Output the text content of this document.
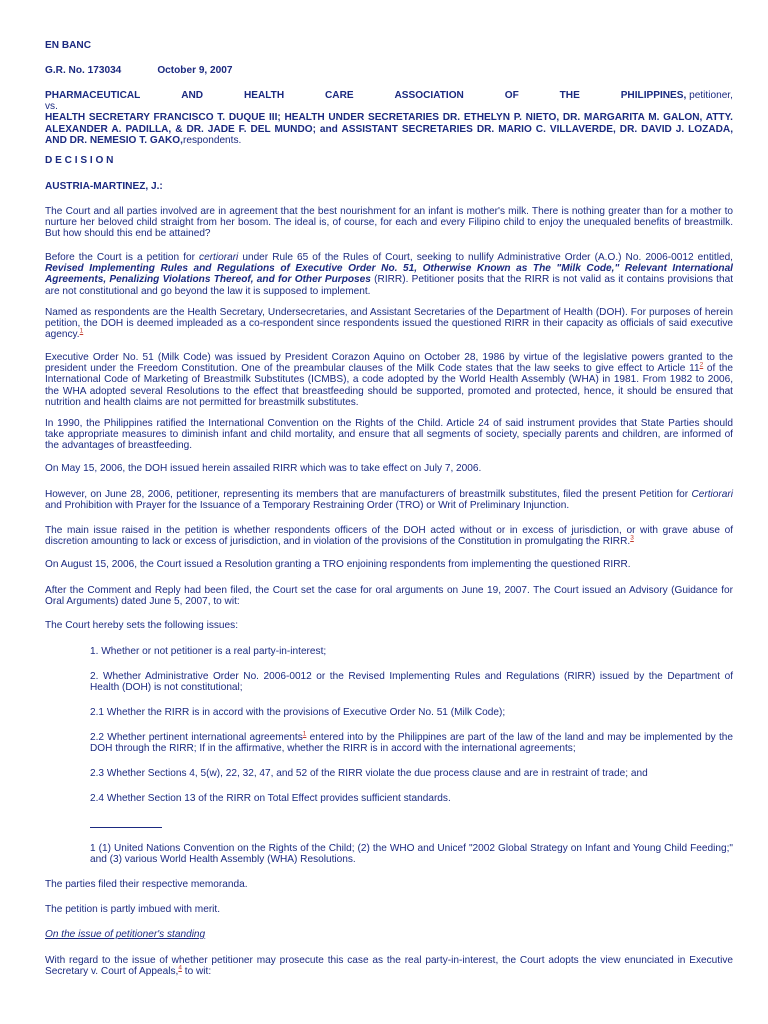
EN BANC

G.R. No. 173034	October 9, 2007

PHARMACEUTICAL	AND	HEALTH	CARE	ASSOCIATION	OF	THE	PHILIPPINES, petitioner,
vs.
HEALTH SECRETARY FRANCISCO T. DUQUE III; HEALTH UNDER SECRETARIES DR. ETHELYN P. NIETO, DR. MARGARITA M. GALON, ATTY. ALEXANDER A. PADILLA, & DR. JADE F. DEL MUNDO; and ASSISTANT SECRETARIES DR. MARIO C. VILLAVERDE, DR. DAVID J. LOZADA, AND DR. NEMESIO T. GAKO,respondents.

D E C I S I O N

AUSTRIA-MARTINEZ, J.:

The Court and all parties involved are in agreement that the best nourishment for an infant is mother's milk. There is nothing greater than for a mother to nurture her beloved child straight from her bosom. The ideal is, of course, for each and every Filipino child to enjoy the unequaled benefits of breastmilk. But how should this end be attained?

Before the Court is a petition for certiorari under Rule 65 of the Rules of Court, seeking to nullify Administrative Order (A.O.) No. 2006-0012 entitled, Revised Implementing Rules and Regulations of Executive Order No. 51, Otherwise Known as The "Milk Code," Relevant International Agreements, Penalizing Violations Thereof, and for Other Purposes (RIRR). Petitioner posits that the RIRR is not valid as it contains provisions that are not constitutional and go beyond the law it is supposed to implement.

Named as respondents are the Health Secretary, Undersecretaries, and Assistant Secretaries of the Department of Health (DOH). For purposes of herein petition, the DOH is deemed impleaded as a co-respondent since respondents issued the questioned RIRR in their capacity as officials of said executive agency.$^1$

Executive Order No. 51 (Milk Code) was issued by President Corazon Aquino on October 28, 1986 by virtue of the legislative powers granted to the president under the Freedom Constitution. One of the preambular clauses of the Milk Code states that the law seeks to give effect to Article $11^2$ of the International Code of Marketing of Breastmilk Substitutes (ICMBS), a code adopted by the World Health Assembly (WHA) in 1981. From 1982 to 2006, the WHA adopted several Resolutions to the effect that breastfeeding should be supported, promoted and protected, hence, it should be ensured that nutrition and health claims are not permitted for breastmilk substitutes.

In 1990, the Philippines ratified the International Convention on the Rights of the Child. Article 24 of said instrument provides that State Parties should take appropriate measures to diminish infant and child mortality, and ensure that all segments of society, specially parents and children, are informed of the advantages of breastfeeding.

On May 15, 2006, the DOH issued herein assailed RIRR which was to take effect on July 7, 2006.

However, on June 28, 2006, petitioner, representing its members that are manufacturers of breastmilk substitutes, filed the present Petition for Certiorari and Prohibition with Prayer for the Issuance of a Temporary Restraining Order (TRO) or Writ of Preliminary Injunction.

The main issue raised in the petition is whether respondents officers of the DOH acted without or in excess of jurisdiction, or with grave abuse of discretion amounting to lack or excess of jurisdiction, and in violation of the provisions of the Constitution in promulgating the RIRR.$^3$

On August 15, 2006, the Court issued a Resolution granting a TRO enjoining respondents from implementing the questioned RIRR.

After the Comment and Reply had been filed, the Court set the case for oral arguments on June 19, 2007. The Court issued an Advisory (Guidance for Oral Arguments) dated June 5, 2007, to wit:

The Court hereby sets the following issues:

1. Whether or not petitioner is a real party-in-interest;

2. Whether Administrative Order No. 2006-0012 or the Revised Implementing Rules and Regulations (RIRR) issued by the Department of Health (DOH) is not constitutional;

2.1 Whether the RIRR is in accord with the provisions of Executive Order No. 51 (Milk Code);

2.2 Whether pertinent international agreements$^1$ entered into by the Philippines are part of the law of the land and may be implemented by the DOH through the RIRR; If in the affirmative, whether the RIRR is in accord with the international agreements;

2.3 Whether Sections 4, 5(w), 22, 32, 47, and 52 of the RIRR violate the due process clause and are in restraint of trade; and

2.4 Whether Section 13 of the RIRR on Total Effect provides sufficient standards.

1 (1) United Nations Convention on the Rights of the Child; (2) the WHO and Unicef "2002 Global Strategy on Infant and Young Child Feeding;" and (3) various World Health Assembly (WHA) Resolutions.

The parties filed their respective memoranda.

The petition is partly imbued with merit.

On the issue of petitioner's standing

With regard to the issue of whether petitioner may prosecute this case as the real party-in-interest, the Court adopts the view enunciated in Executive Secretary v. Court of Appeals,$^4$ to wit:
